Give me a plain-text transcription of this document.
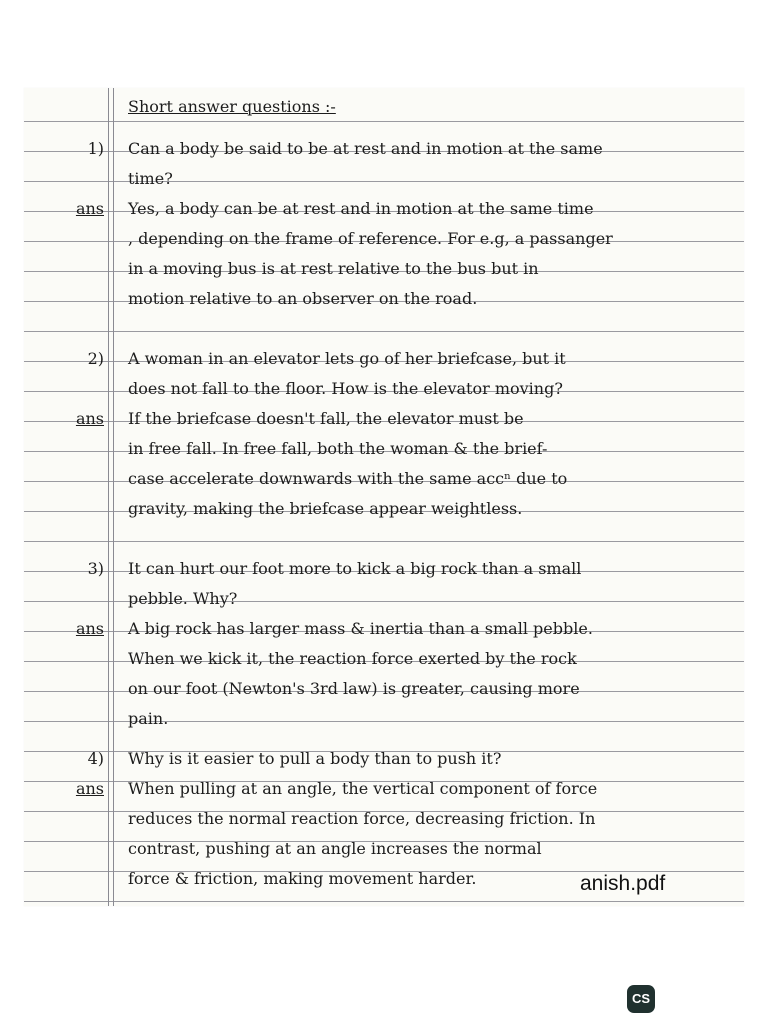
Short answer questions :-
1) Can a body be said to be at rest and in motion at the same
time?
ans Yes, a body can be at rest and in motion at the same time
, depending on the frame of reference. For e.g, a passanger
in a moving bus is at rest relative to the bus but in
motion relative to an observer on the road.
2) A woman in an elevator lets go of her briefcase, but it
does not fall to the floor. How is the elevator moving?
ans If the briefcase doesn't fall, the elevator must be
in free fall. In free fall, both the woman & the brief-
case accelerate downwards with the same accⁿ due to
gravity, making the briefcase appear weightless.
3) It can hurt our foot more to kick a big rock than a small
pebble. Why?
ans A big rock has larger mass & inertia than a small pebble.
When we kick it, the reaction force exerted by the rock
on our foot (Newton's 3rd law) is greater, causing more
pain.
4) Why is it easier to pull a body than to push it?
ans When pulling at an angle, the vertical component of force
reduces the normal reaction force, decreasing friction. In
contrast, pushing at an angle increases the normal
force & friction, making movement harder.	anish.pdf
CS
